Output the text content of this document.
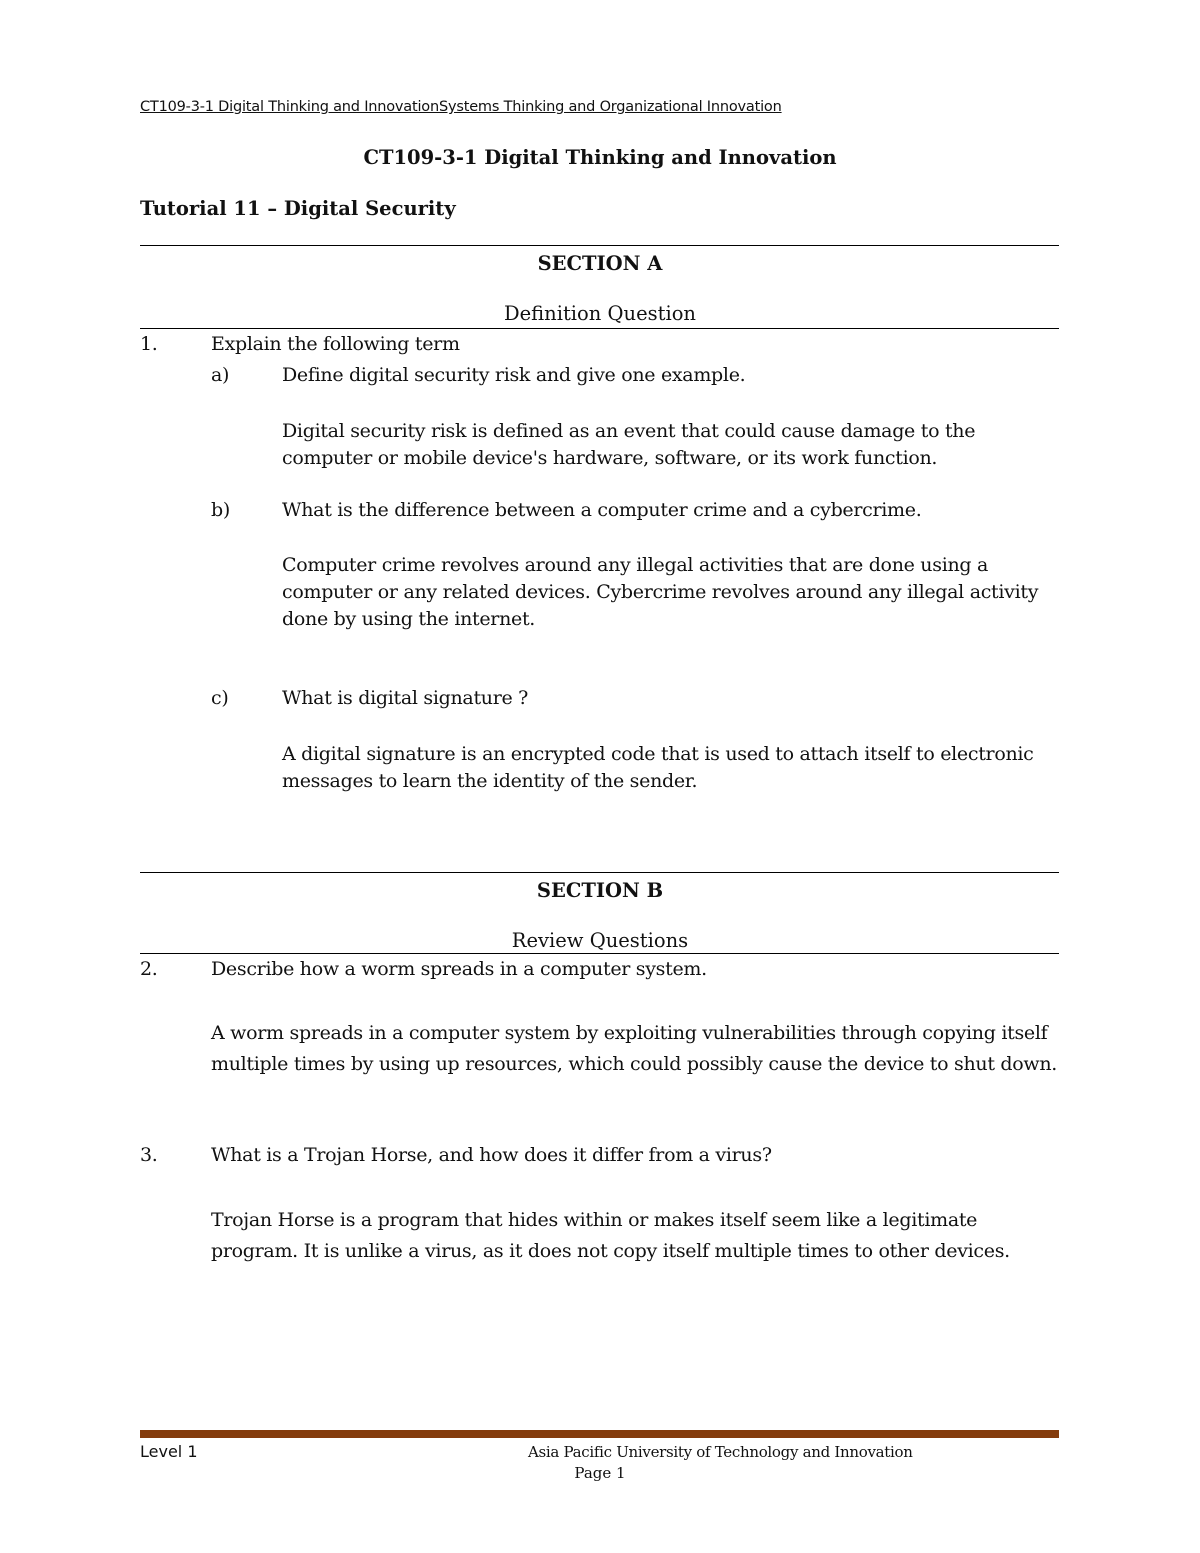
CT109-3-1 Digital Thinking and InnovationSystems Thinking and Organizational Innovation
CT109-3-1 Digital Thinking and Innovation
Tutorial 11 – Digital Security
SECTION A
Definition Question
1.	Explain the following term
a)	Define digital security risk and give one example.
Digital security risk is defined as an event that could cause damage to the computer or mobile device's hardware, software, or its work function.
b)	What is the difference between a computer crime and a cybercrime.
Computer crime revolves around any illegal activities that are done using a computer or any related devices. Cybercrime revolves around any illegal activity done by using the internet.
c)	What is digital signature ?
A digital signature is an encrypted code that is used to attach itself to electronic messages to learn the identity of the sender.
SECTION B
Review Questions
2.	Describe how a worm spreads in a computer system.
A worm spreads in a computer system by exploiting vulnerabilities through copying itself multiple times by using up resources, which could possibly cause the device to shut down.
3.	What is a Trojan Horse, and how does it differ from a virus?
Trojan Horse is a program that hides within or makes itself seem like a legitimate program. It is unlike a virus, as it does not copy itself multiple times to other devices.
Level 1	Asia Pacific University of Technology and Innovation
Page 1
